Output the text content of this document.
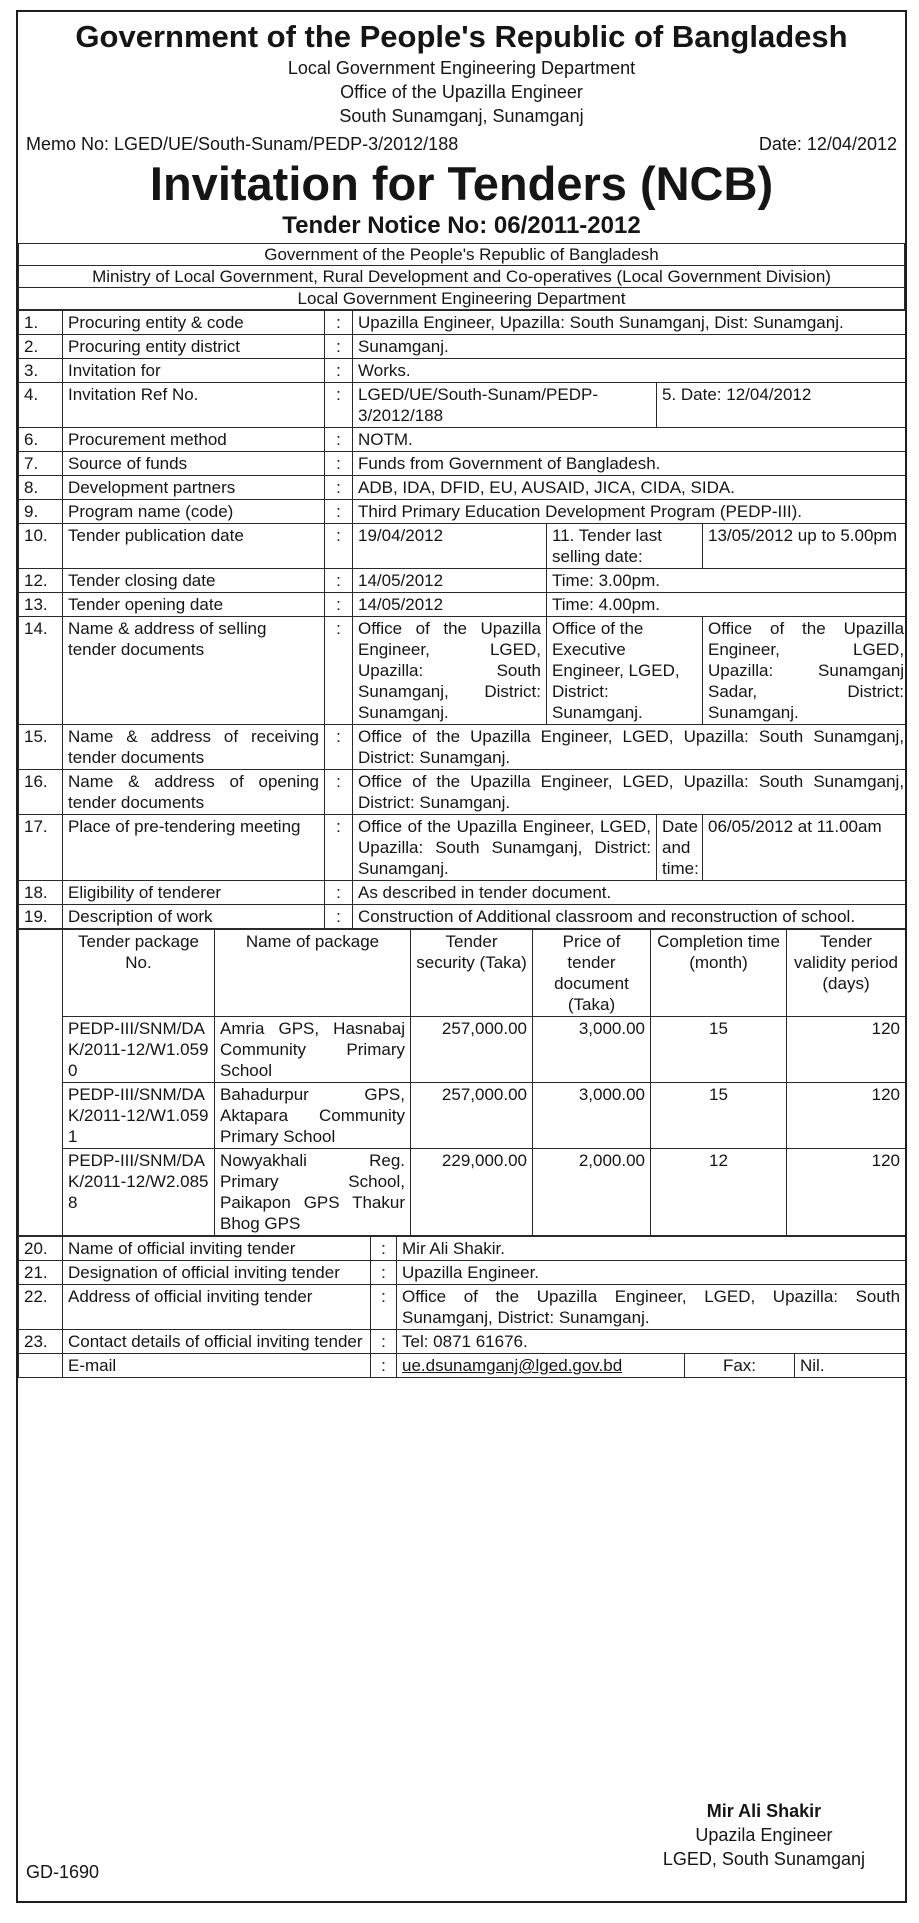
Government of the People's Republic of Bangladesh
Local Government Engineering Department
Office of the Upazilla Engineer
South Sunamganj, Sunamganj
Memo No: LGED/UE/South-Sunam/PEDP-3/2012/188	Date: 12/04/2012
Invitation for Tenders (NCB)
Tender Notice No: 06/2011-2012
Government of the People's Republic of Bangladesh
Ministry of Local Government, Rural Development and Co-operatives (Local Government Division)
Local Government Engineering Department
1.	Procuring entity & code	:	Upazilla Engineer, Upazilla: South Sunamganj, Dist: Sunamganj.			
2.	Procuring entity district	:	Sunamganj.			
3.	Invitation for	:	Works.			
4.	Invitation Ref No.	:	LGED/UE/South-Sunam/PEDP-3/2012/188		5. Date: 12/04/2012	
6.	Procurement method	:	NOTM.			
7.	Source of funds	:	Funds from Government of Bangladesh.			
8.	Development partners	:	ADB, IDA, DFID, EU, AUSAID, JICA, CIDA, SIDA.			
9.	Program name (code)	:	Third Primary Education Development Program (PEDP-III).			
10.	Tender publication date	:	19/04/2012	11. Tender last selling date:		13/05/2012 up to 5.00pm
12.	Tender closing date	:	14/05/2012	Time: 3.00pm.		
13.	Tender opening date	:	14/05/2012	Time: 4.00pm.		
14.	Name & address of selling tender documents	:	Office of the Upazilla Engineer, LGED, Upazilla: South Sunamganj, District: Sunamganj.	Office of the Executive Engineer, LGED, District: Sunamganj.		Office of the Upazilla Engineer, LGED, Upazilla: Sunamganj Sadar, District: Sunamganj.
15.	Name & address of receiving tender documents	:	Office of the Upazilla Engineer, LGED, Upazilla: South Sunamganj, District: Sunamganj.			
16.	Name & address of opening tender documents	:	Office of the Upazilla Engineer, LGED, Upazilla: South Sunamganj, District: Sunamganj.			
17.	Place of pre-tendering meeting	:	Office of the Upazilla Engineer, LGED, Upazilla: South Sunamganj, District: Sunamganj.		Date and time:	06/05/2012 at 11.00am
18.	Eligibility of tenderer	:	As described in tender document.			
19.	Description of work	:	Construction of Additional classroom and reconstruction of school.			
	Tender package No.	Name of package	Tender security (Taka)	Price of tender document (Taka)	Completion time (month)	Tender validity period (days)
	PEDP-III/SNM/DAK/2011-12/W1.0590	Amria GPS, Hasnabaj Community Primary School	257,000.00	3,000.00	15	120
	PEDP-III/SNM/DAK/2011-12/W1.0591	Bahadurpur GPS, Aktapara Community Primary School	257,000.00	3,000.00	15	120
	PEDP-III/SNM/DAK/2011-12/W2.0858	Nowyakhali Reg. Primary School, Paikapon GPS Thakur Bhog GPS	229,000.00	2,000.00	12	120
20.	Name of official inviting tender	:	Mir Ali Shakir.		
21.	Designation of official inviting tender	:	Upazilla Engineer.		
22.	Address of official inviting tender	:	Office of the Upazilla Engineer, LGED, Upazilla: South Sunamganj, District: Sunamganj.		
23.	Contact details of official inviting tender	:	Tel: 0871 61676.		
	E-mail	:	ue.dsunamganj@lged.gov.bd	Fax:	Nil.
Mir Ali Shakir
Upazila Engineer
LGED, South Sunamganj
GD-1690
